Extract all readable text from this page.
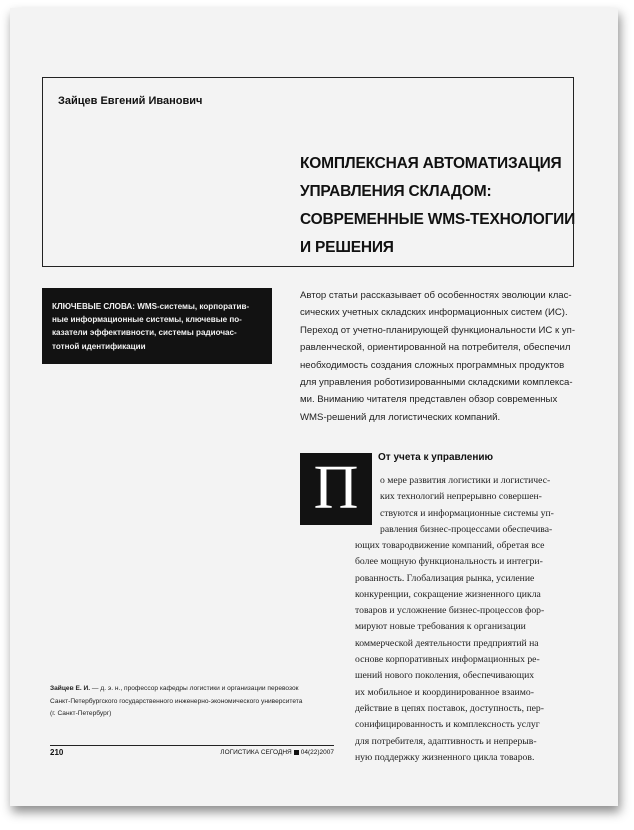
Зайцев Евгений Иванович
КОМПЛЕКСНАЯ АВТОМАТИЗАЦИЯ
УПРАВЛЕНИЯ СКЛАДОМ:
СОВРЕМЕННЫЕ WMS-ТЕХНОЛОГИИ
И РЕШЕНИЯ
КЛЮЧЕВЫЕ СЛОВА: WMS-системы, корпоратив-
ные информационные системы, ключевые по-
казатели эффективности, системы радиочас-
тотной идентификации
Автор статьи рассказывает об особенностях эволюции клас-
сических учетных складских информационных систем (ИС).
Переход от учетно-планирующей функциональности ИС к уп-
равленческой, ориентированной на потребителя, обеспечил
необходимость создания сложных программных продуктов
для управления роботизированными складскими комплекса-
ми. Вниманию читателя представлен обзор современных
WMS-решений для логистических компаний.
П	От учета к управлению
о мере развития логистики и логистичес-
ких технологий непрерывно совершен-
ствуются и информационные системы уп-
равления бизнес-процессами обеспечива-
ющих товародвижение компаний, обретая все
более мощную функциональность и интегри-
рованность. Глобализация рынка, усиление
конкуренции, сокращение жизненного цикла
товаров и усложнение бизнес-процессов фор-
мируют новые требования к организации
коммерческой деятельности предприятий на
основе корпоративных информационных ре-
шений нового поколения, обеспечивающих
их мобильное и координированное взаимо-
действие в цепях поставок, доступность, пер-
сонифицированность и комплексность услуг
для потребителя, адаптивность и непрерыв-
ную поддержку жизненного цикла товаров.
Зайцев Е. И. — д. э. н., профессор кафедры логистики и организации перевозок
Санкт-Петербургского государственного инженерно-экономического университета
(г. Санкт-Петербург)
210	ЛОГИСТИКА СЕГОДНЯ 04(22)2007
